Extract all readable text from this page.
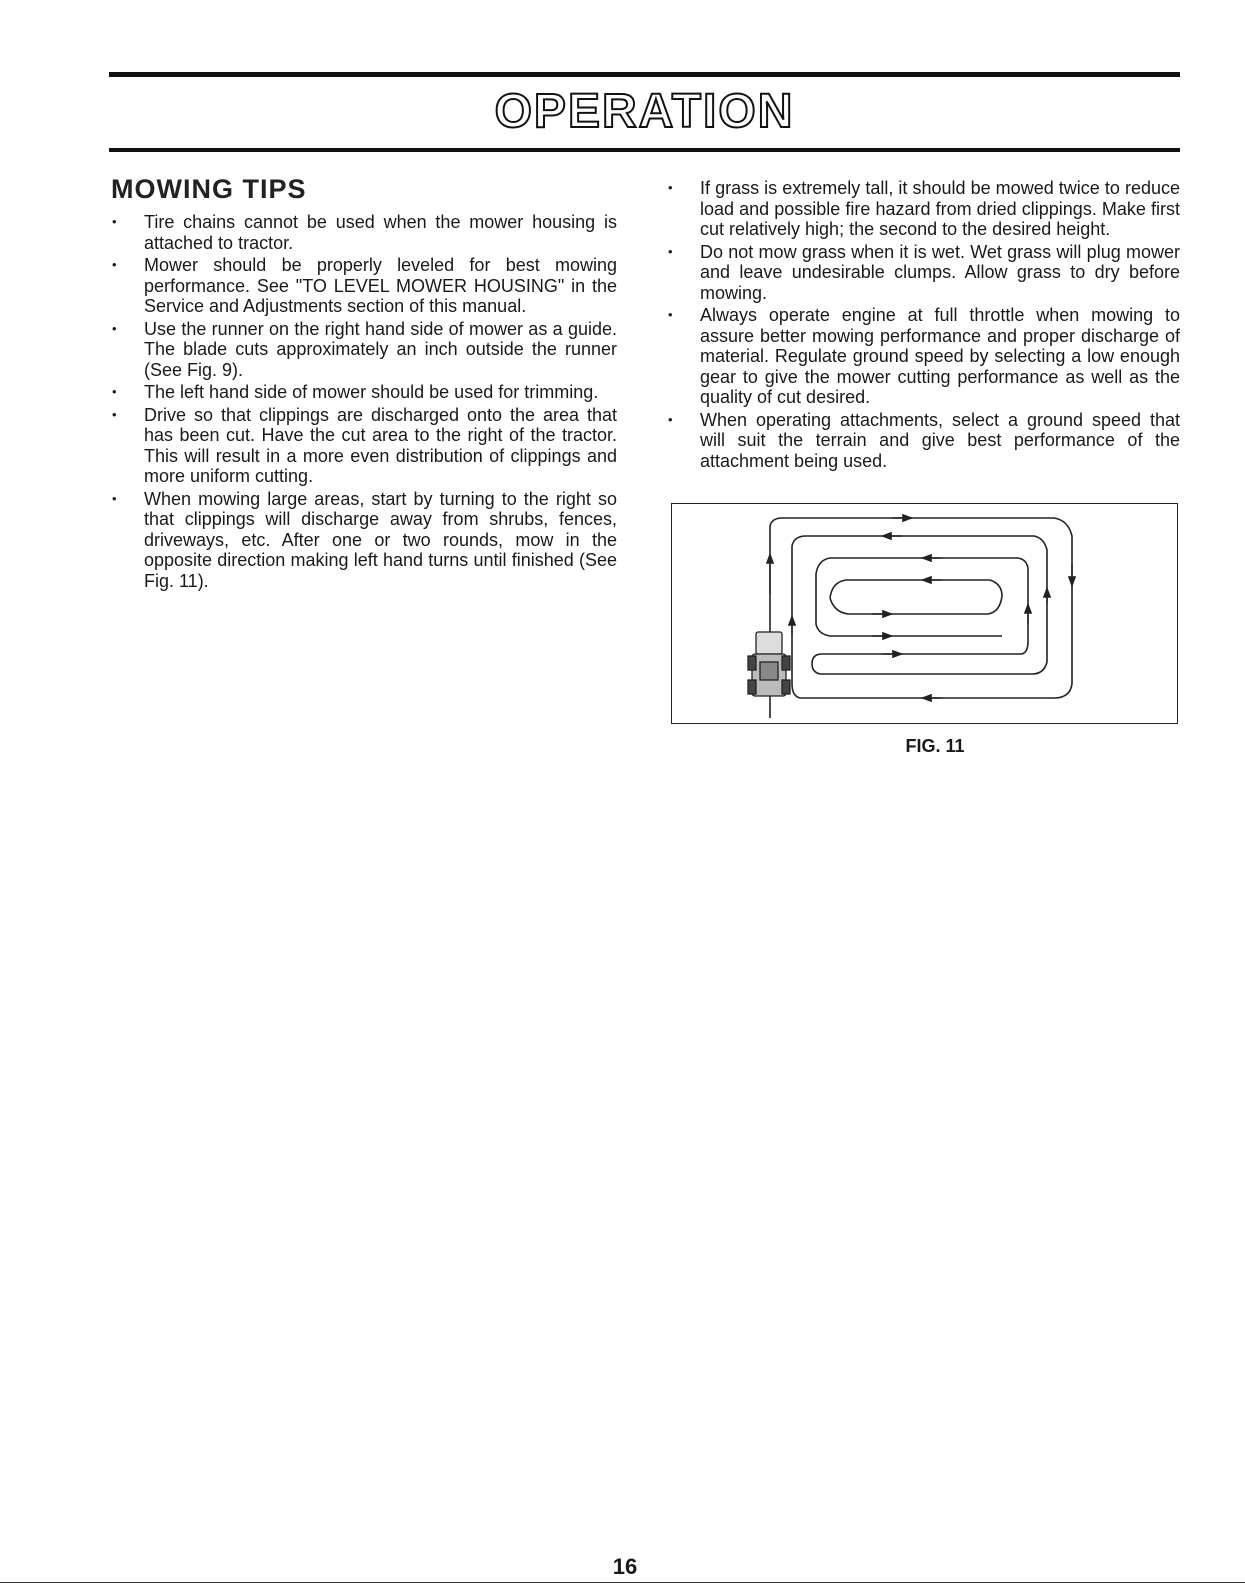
OPERATION
MOWING TIPS
• Tire chains cannot be used when the mower housing is attached to tractor.
• Mower should be properly leveled for best mowing performance. See "TO LEVEL MOWER HOUSING" in the Service and Adjustments section of this manual.
• Use the runner on the right hand side of mower as a guide. The blade cuts approximately an inch outside the runner (See Fig. 9).
• The left hand side of mower should be used for trimming.
• Drive so that clippings are discharged onto the area that has been cut. Have the cut area to the right of the tractor. This will result in a more even distribution of clippings and more uniform cutting.
• When mowing large areas, start by turning to the right so that clippings will discharge away from shrubs, fences, driveways, etc. After one or two rounds, mow in the opposite direction making left hand turns until finished (See Fig. 11).
• If grass is extremely tall, it should be mowed twice to reduce load and possible fire hazard from dried clippings. Make first cut relatively high; the second to the desired height.
• Do not mow grass when it is wet. Wet grass will plug mower and leave undesirable clumps. Allow grass to dry before mowing.
• Always operate engine at full throttle when mowing to assure better mowing performance and proper discharge of material. Regulate ground speed by selecting a low enough gear to give the mower cutting performance as well as the quality of cut desired.
• When operating attachments, select a ground speed that will suit the terrain and give best performance of the attachment being used.
FIG. 11
16
